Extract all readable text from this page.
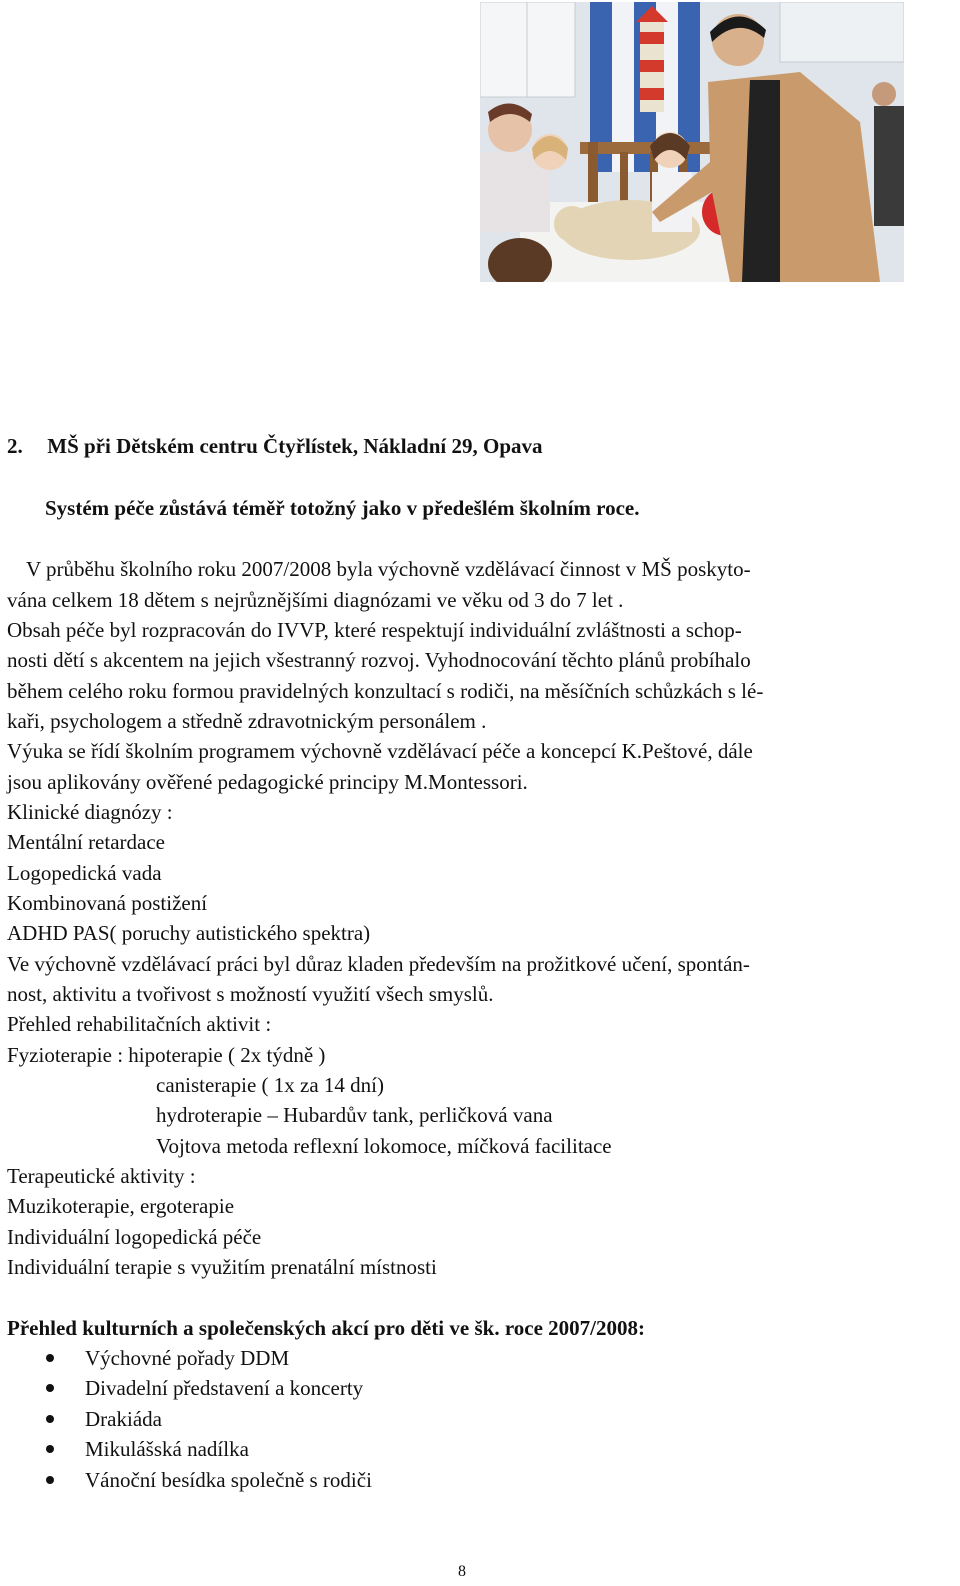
2. MŠ při Dětském centru Čtyřlístek, Nákladní 29, Opava
Systém péče zůstává téměř totožný jako v předešlém školním roce.
V průběhu školního roku 2007/2008 byla výchovně vzdělávací činnost v MŠ poskyto-
vána celkem 18 dětem s nejrůznějšími diagnózami ve věku od 3 do 7 let .
Obsah péče byl rozpracován do IVVP, které respektují individuální zvláštnosti a schop-
nosti dětí s akcentem na jejich všestranný rozvoj. Vyhodnocování těchto plánů probíhalo
během celého roku formou pravidelných konzultací s rodiči, na měsíčních schůzkách s lé-
kaři, psychologem a středně zdravotnickým personálem .
Výuka se řídí školním programem výchovně vzdělávací péče a koncepcí K.Peštové, dále
jsou aplikovány ověřené pedagogické principy M.Montessori.
Klinické diagnózy :
Mentální retardace
Logopedická vada
Kombinovaná postižení
ADHD PAS( poruchy autistického spektra)
Ve výchovně vzdělávací práci byl důraz kladen především na prožitkové učení, spontán-
nost, aktivitu a tvořivost s možností využití všech smyslů.
Přehled rehabilitačních aktivit :
Fyzioterapie : hipoterapie ( 2x týdně )
canisterapie ( 1x za 14 dní)
hydroterapie – Hubardův tank, perličková vana
Vojtova metoda reflexní lokomoce, míčková facilitace
Terapeutické aktivity :
Muzikoterapie, ergoterapie
Individuální logopedická péče
Individuální terapie s využitím prenatální místnosti
Přehled kulturních a společenských akcí pro děti ve šk. roce 2007/2008:
Výchovné pořady DDM
Divadelní představení a koncerty
Drakiáda
Mikulášská nadílka
Vánoční besídka společně s rodiči
8
